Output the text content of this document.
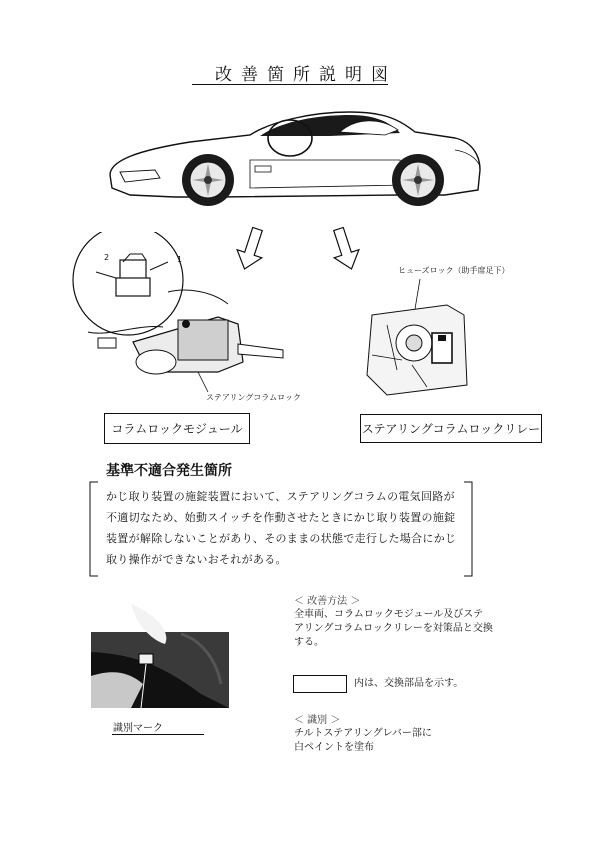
改善箇所説明図
2	1
ステアリングコラムロック
ヒューズロック（助手席足下）
コラムロックモジュール	ステアリングコラムロックリレー
基準不適合発生箇所
かじ取り装置の施錠装置において、ステアリングコラムの電気回路が
不適切なため、始動スイッチを作動させたときにかじ取り装置の施錠
装置が解除しないことがあり、そのままの状態で走行した場合にかじ
取り操作ができないおそれがある。
識別マーク
＜ 改善方法 ＞
全車両、コラムロックモジュール及びステ
アリングコラムロックリレーを対策品と交換
する。
内は、交換部品を示す。
＜ 識別 ＞
チルトステアリングレバー部に
白ペイントを塗布
